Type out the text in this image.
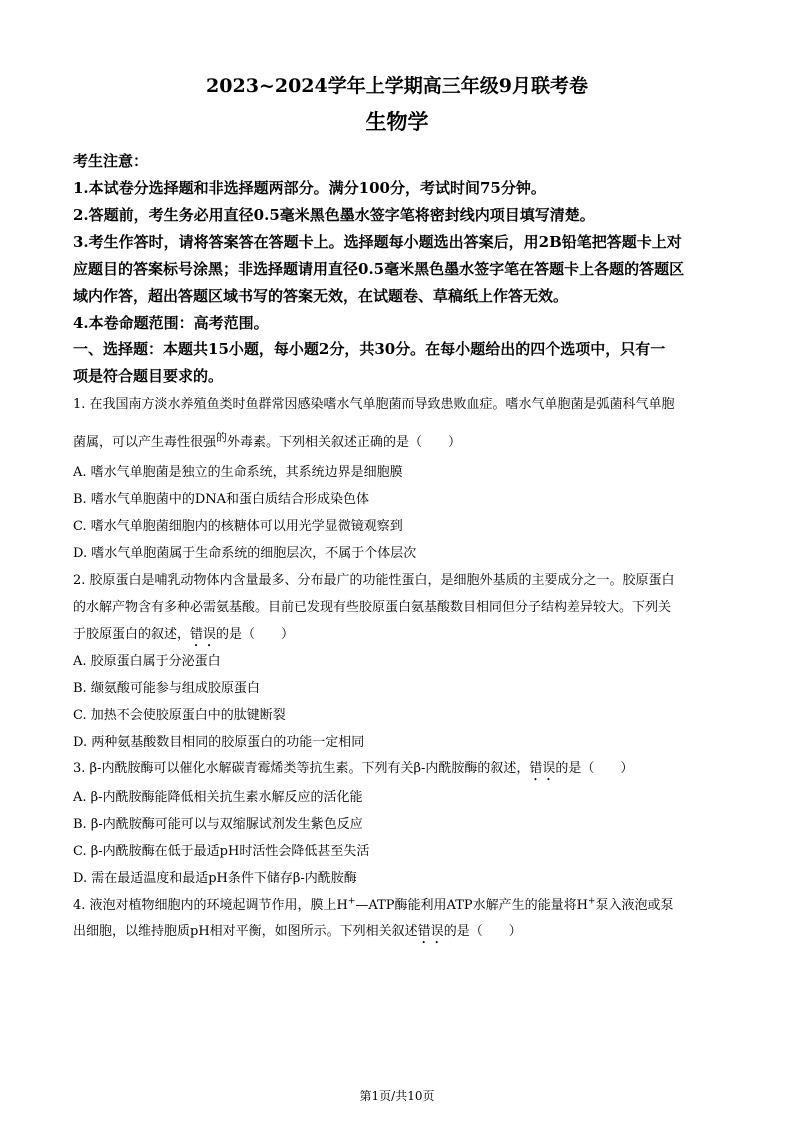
2023~2024学年上学期高三年级9月联考卷
生物学
考生注意：
1.本试卷分选择题和非选择题两部分。满分100分，考试时间75分钟。
2.答题前，考生务必用直径0.5毫米黑色墨水签字笔将密封线内项目填写清楚。
3.考生作答时，请将答案答在答题卡上。选择题每小题选出答案后，用2B铅笔把答题卡上对
应题目的答案标号涂黑；非选择题请用直径0.5毫米黑色墨水签字笔在答题卡上各题的答题区
域内作答，超出答题区域书写的答案无效，在试题卷、草稿纸上作答无效。
4.本卷命题范围：高考范围。
一、选择题：本题共15小题，每小题2分，共30分。在每小题给出的四个选项中，只有一
项是符合题目要求的。
1. 在我国南方淡水养殖鱼类时鱼群常因感染嗜水气单胞菌而导致患败血症。嗜水气单胞菌是弧菌科气单胞
菌属，可以产生毒性很强$^的$外毒素。下列相关叙述正确的是（　　）
A. 嗜水气单胞菌是独立的生命系统，其系统边界是细胞膜
B. 嗜水气单胞菌中的DNA和蛋白质结合形成染色体
C. 嗜水气单胞菌细胞内的核糖体可以用光学显微镜观察到
D. 嗜水气单胞菌属于生命系统的细胞层次，不属于个体层次
2. 胶原蛋白是哺乳动物体内含量最多、分布最广的功能性蛋白，是细胞外基质的主要成分之一。胶原蛋白
的水解产物含有多种必需氨基酸。目前已发现有些胶原蛋白氨基酸数目相同但分子结构差异较大。下列关
于胶原蛋白的叙述，错误的是（　　）
A. 胶原蛋白属于分泌蛋白
B. 缬氨酸可能参与组成胶原蛋白
C. 加热不会使胶原蛋白中的肽键断裂
D. 两种氨基酸数目相同的胶原蛋白的功能一定相同
3. β-内酰胺酶可以催化水解碳青霉烯类等抗生素。下列有关β-内酰胺酶的叙述，错误的是（　　）
A. β-内酰胺酶能降低相关抗生素水解反应的活化能
B. β-内酰胺酶可能可以与双缩脲试剂发生紫色反应
C. β-内酰胺酶在低于最适pH时活性会降低甚至失活
D. 需在最适温度和最适pH条件下储存β-内酰胺酶
4. 液泡对植物细胞内的环境起调节作用，膜上H+—ATP酶能利用ATP水解产生的能量将H+泵入液泡或泵
出细胞，以维持胞质pH相对平衡，如图所示。下列相关叙述错误的是（　　）
第1页/共10页
